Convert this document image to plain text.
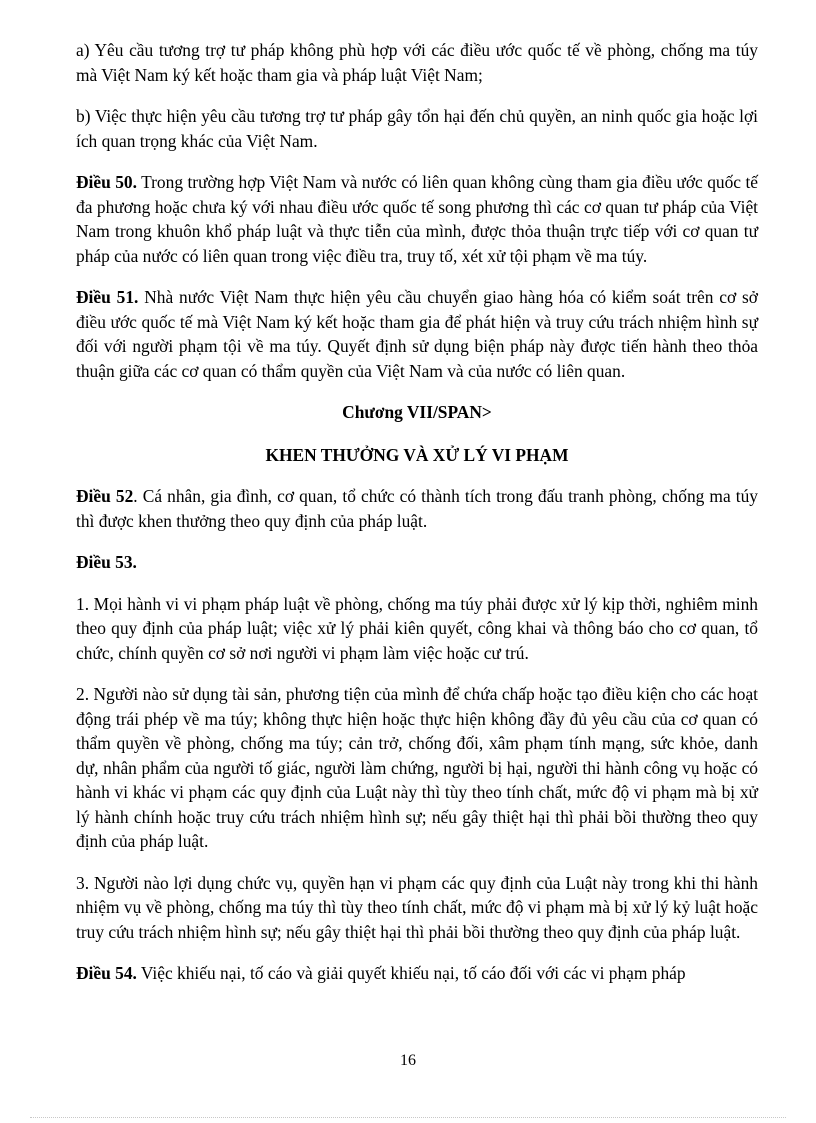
a) Yêu cầu tương trợ tư pháp không phù hợp với các điều ước quốc tế về phòng, chống ma túy mà Việt Nam ký kết hoặc tham gia và pháp luật Việt Nam;

b) Việc thực hiện yêu cầu tương trợ tư pháp gây tổn hại đến chủ quyền, an ninh quốc gia hoặc lợi ích quan trọng khác của Việt Nam.

Điều 50. Trong trường hợp Việt Nam và nước có liên quan không cùng tham gia điều ước quốc tế đa phương hoặc chưa ký với nhau điều ước quốc tế song phương thì các cơ quan tư pháp của Việt Nam trong khuôn khổ pháp luật và thực tiễn của mình, được thỏa thuận trực tiếp với cơ quan tư pháp của nước có liên quan trong việc điều tra, truy tố, xét xử tội phạm về ma túy.

Điều 51. Nhà nước Việt Nam thực hiện yêu cầu chuyển giao hàng hóa có kiểm soát trên cơ sở điều ước quốc tế mà Việt Nam ký kết hoặc tham gia để phát hiện và truy cứu trách nhiệm hình sự đối với người phạm tội về ma túy. Quyết định sử dụng biện pháp này được tiến hành theo thỏa thuận giữa các cơ quan có thẩm quyền của Việt Nam và của nước có liên quan.

Chương VII/SPAN>

KHEN THƯỞNG VÀ XỬ LÝ VI PHẠM

Điều 52. Cá nhân, gia đình, cơ quan, tổ chức có thành tích trong đấu tranh phòng, chống ma túy thì được khen thưởng theo quy định của pháp luật.

Điều 53.

1. Mọi hành vi vi phạm pháp luật về phòng, chống ma túy phải được xử lý kịp thời, nghiêm minh theo quy định của pháp luật; việc xử lý phải kiên quyết, công khai và thông báo cho cơ quan, tổ chức, chính quyền cơ sở nơi người vi phạm làm việc hoặc cư trú.

2. Người nào sử dụng tài sản, phương tiện của mình để chứa chấp hoặc tạo điều kiện cho các hoạt động trái phép về ma túy; không thực hiện hoặc thực hiện không đầy đủ yêu cầu của cơ quan có thẩm quyền về phòng, chống ma túy; cản trở, chống đối, xâm phạm tính mạng, sức khỏe, danh dự, nhân phẩm của người tố giác, người làm chứng, người bị hại, người thi hành công vụ hoặc có hành vi khác vi phạm các quy định của Luật này thì tùy theo tính chất, mức độ vi phạm mà bị xử lý hành chính hoặc truy cứu trách nhiệm hình sự; nếu gây thiệt hại thì phải bồi thường theo quy định của pháp luật.

3. Người nào lợi dụng chức vụ, quyền hạn vi phạm các quy định của Luật này trong khi thi hành nhiệm vụ về phòng, chống ma túy thì tùy theo tính chất, mức độ vi phạm mà bị xử lý kỷ luật hoặc truy cứu trách nhiệm hình sự; nếu gây thiệt hại thì phải bồi thường theo quy định của pháp luật.

Điều 54. Việc khiếu nại, tố cáo và giải quyết khiếu nại, tố cáo đối với các vi phạm pháp

16
